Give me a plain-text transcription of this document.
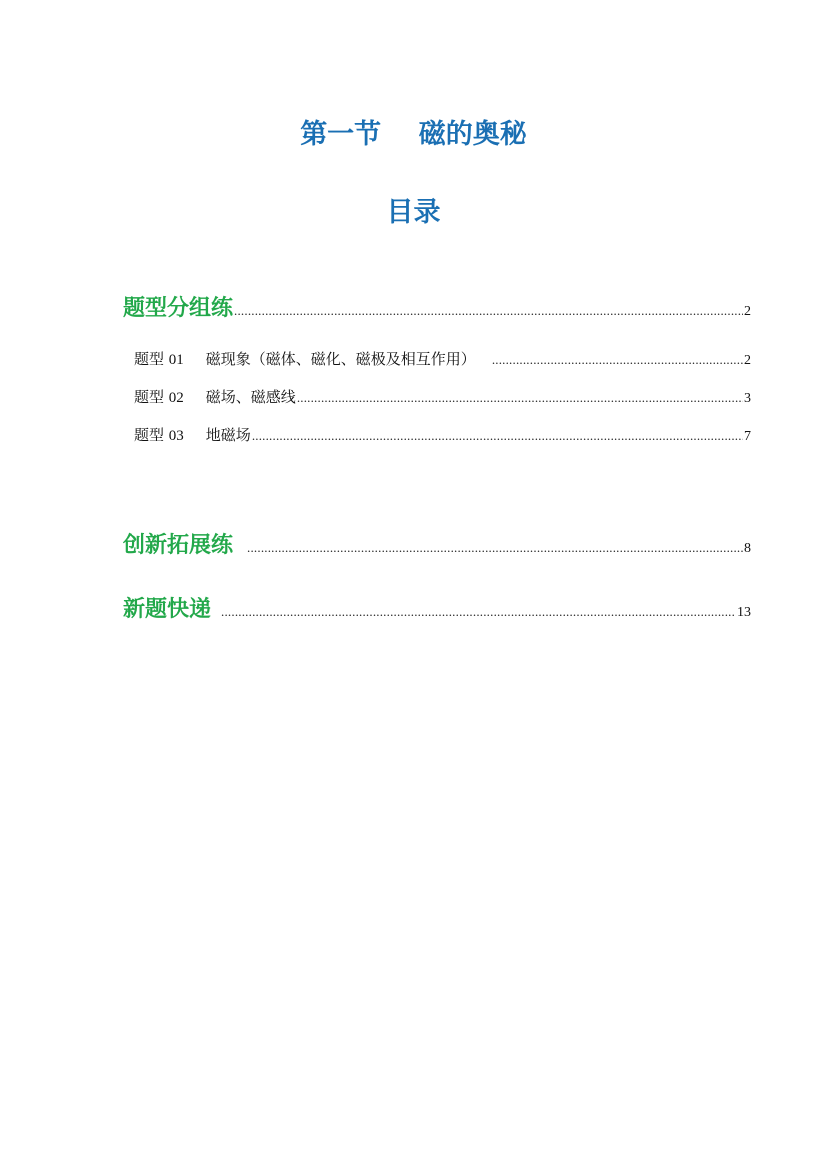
第一节    磁的奥秘
目录
题型分组练 .....	2
题型 01 磁现象（磁体、磁化、磁极及相互作用） .....	2
题型 02 磁场、磁感线 .....	3
题型 03 地磁场 .....	7
创新拓展练 .....	8
新题快递 .....	13
